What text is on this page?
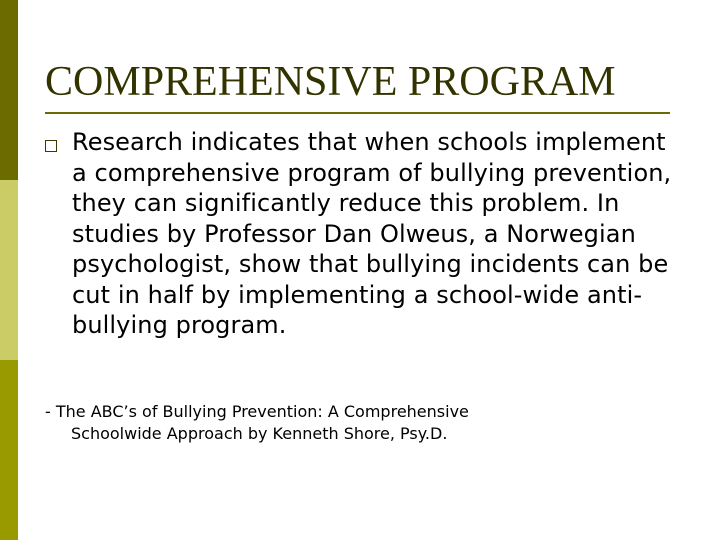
COMPREHENSIVE PROGRAM

Research indicates that when schools implement a comprehensive program of bullying prevention, they can significantly reduce this problem. In studies by Professor Dan Olweus, a Norwegian psychologist, show that bullying incidents can be cut in half by implementing a school-wide anti-bullying program.

- The ABC’s of Bullying Prevention: A Comprehensive
Schoolwide Approach by Kenneth Shore, Psy.D.
